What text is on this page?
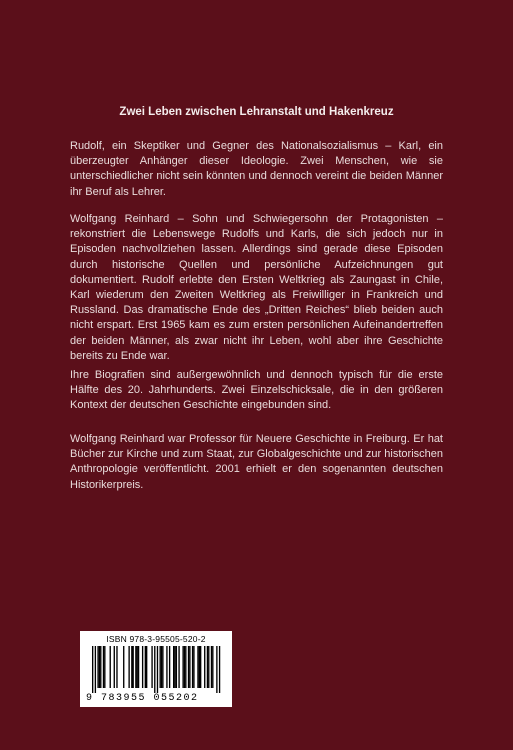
Zwei Leben zwischen Lehranstalt und Hakenkreuz

Rudolf, ein Skeptiker und Gegner des Nationalsozialismus – Karl, ein überzeugter Anhänger dieser Ideologie. Zwei Menschen, wie sie unterschiedlicher nicht sein könnten und dennoch vereint die beiden Männer ihr Beruf als Lehrer.

Wolfgang Reinhard – Sohn und Schwiegersohn der Protagonisten – rekonstriert die Lebenswege Rudolfs und Karls, die sich jedoch nur in Episoden nachvollziehen lassen. Allerdings sind gerade diese Episoden durch historische Quellen und persönliche Aufzeichnungen gut dokumentiert. Rudolf erlebte den Ersten Weltkrieg als Zaungast in Chile, Karl wiederum den Zweiten Weltkrieg als Freiwilliger in Frankreich und Russland. Das dramatische Ende des „Dritten Reiches“ blieb beiden auch nicht erspart. Erst 1965 kam es zum ersten persönlichen Aufeinandertreffen der beiden Männer, als zwar nicht ihr Leben, wohl aber ihre Geschichte bereits zu Ende war.

Ihre Biografien sind außergewöhnlich und dennoch typisch für die erste Hälfte des 20. Jahrhunderts. Zwei Einzelschicksale, die in den größeren Kontext der deutschen Geschichte eingebunden sind.

Wolfgang Reinhard war Professor für Neuere Geschichte in Freiburg. Er hat Bücher zur Kirche und zum Staat, zur Globalgeschichte und zur historischen Anthropologie veröffentlicht. 2001 erhielt er den sogenannten deutschen Historikerpreis.

ISBN 978-3-95505-520-2
9 783955 055202
